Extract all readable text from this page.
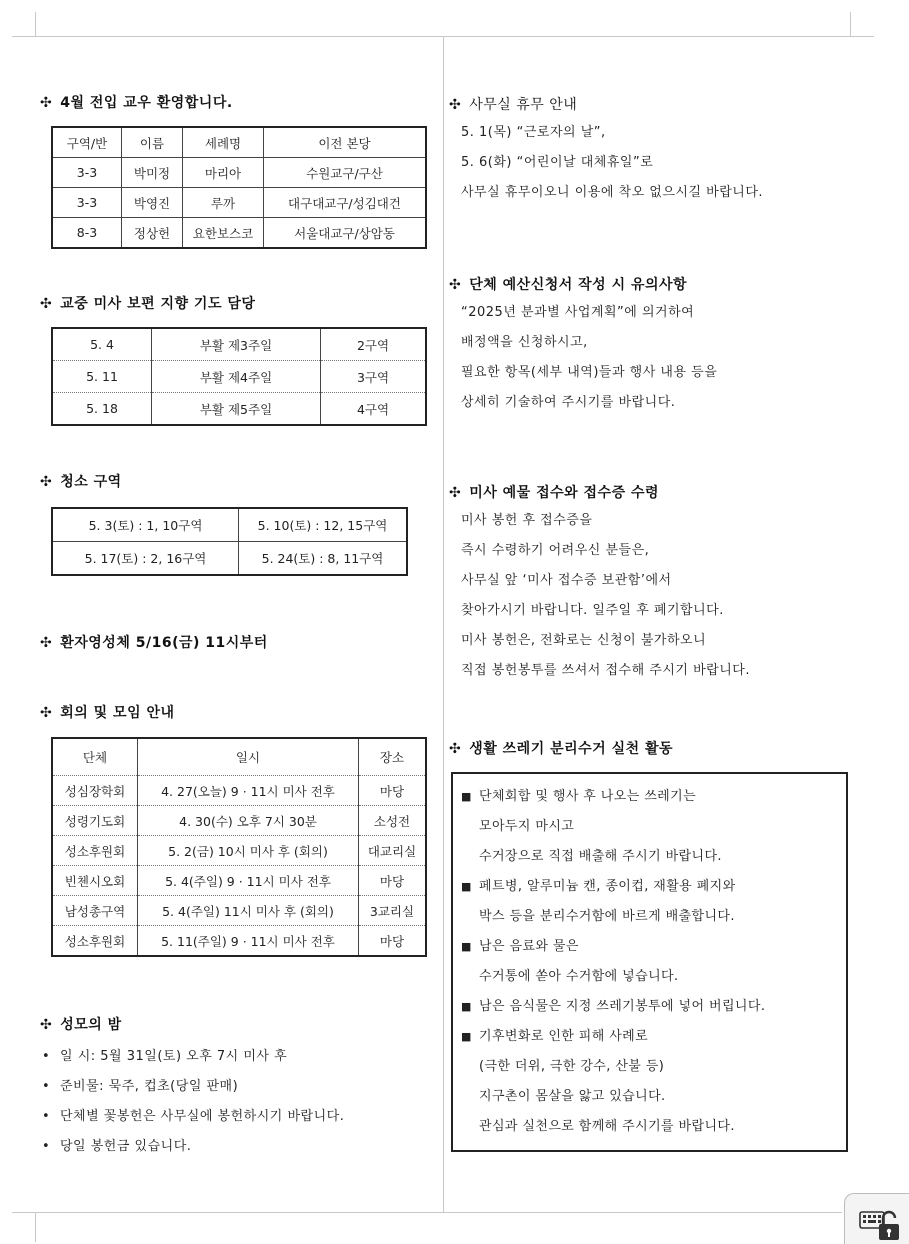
✣ 4월 전입 교우 환영합니다.
구역/반	이름	세례명	이전 본당
3-3	박미정	마리아	수원교구/구산
3-3	박영진	루까	대구대교구/성김대건
8-3	정상헌	요한보스코	서울대교구/상암동
✣ 교중 미사 보편 지향 기도 담당
5. 4	부활 제3주일	2구역
5. 11	부활 제4주일	3구역
5. 18	부활 제5주일	4구역
✣ 청소 구역
5. 3(토) : 1, 10구역	5. 10(토) : 12, 15구역
5. 17(토) : 2, 16구역	5. 24(토) : 8, 11구역
✣ 환자영성체 5/16(금) 11시부터
✣ 회의 및 모임 안내
단체	일시	장소
성심장학회	4. 27(오늘) 9 · 11시 미사 전후	마당
성령기도회	4. 30(수) 오후 7시 30분	소성전
성소후원회	5. 2(금) 10시 미사 후 (회의)	대교리실
빈첸시오회	5. 4(주일) 9 · 11시 미사 전후	마당
남성총구역	5. 4(주일) 11시 미사 후 (회의)	3교리실
성소후원회	5. 11(주일) 9 · 11시 미사 전후	마당
✣ 성모의 밤
• 일 시: 5월 31일(토) 오후 7시 미사 후
• 준비물: 묵주, 컵초(당일 판매)
• 단체별 꽃봉헌은 사무실에 봉헌하시기 바랍니다.
• 당일 봉헌금 있습니다.
✣ 사무실 휴무 안내
5. 1(목) “근로자의 날”,
5. 6(화) “어린이날 대체휴일”로
사무실 휴무이오니 이용에 착오 없으시길 바랍니다.
✣ 단체 예산신청서 작성 시 유의사항
“2025년 분과별 사업계획”에 의거하여
배정액을 신청하시고,
필요한 항목(세부 내역)들과 행사 내용 등을
상세히 기술하여 주시기를 바랍니다.
✣ 미사 예물 접수와 접수증 수령
미사 봉헌 후 접수증을
즉시 수령하기 어려우신 분들은,
사무실 앞 ‘미사 접수증 보관함’에서
찾아가시기 바랍니다. 일주일 후 폐기합니다.
미사 봉헌은, 전화로는 신청이 불가하오니
직접 봉헌봉투를 쓰셔서 접수해 주시기 바랍니다.
✣ 생활 쓰레기 분리수거 실천 활동
■ 단체회합 및 행사 후 나오는 쓰레기는
모아두지 마시고
수거장으로 직접 배출해 주시기 바랍니다.
■ 페트병, 알루미늄 캔, 종이컵, 재활용 폐지와
박스 등을 분리수거함에 바르게 배출합니다.
■ 남은 음료와 물은
수거통에 쏟아 수거함에 넣습니다.
■ 남은 음식물은 지정 쓰레기봉투에 넣어 버립니다.
■ 기후변화로 인한 피해 사례로
(극한 더위, 극한 강수, 산불 등)
지구촌이 몸살을 앓고 있습니다.
관심과 실천으로 함께해 주시기를 바랍니다.
